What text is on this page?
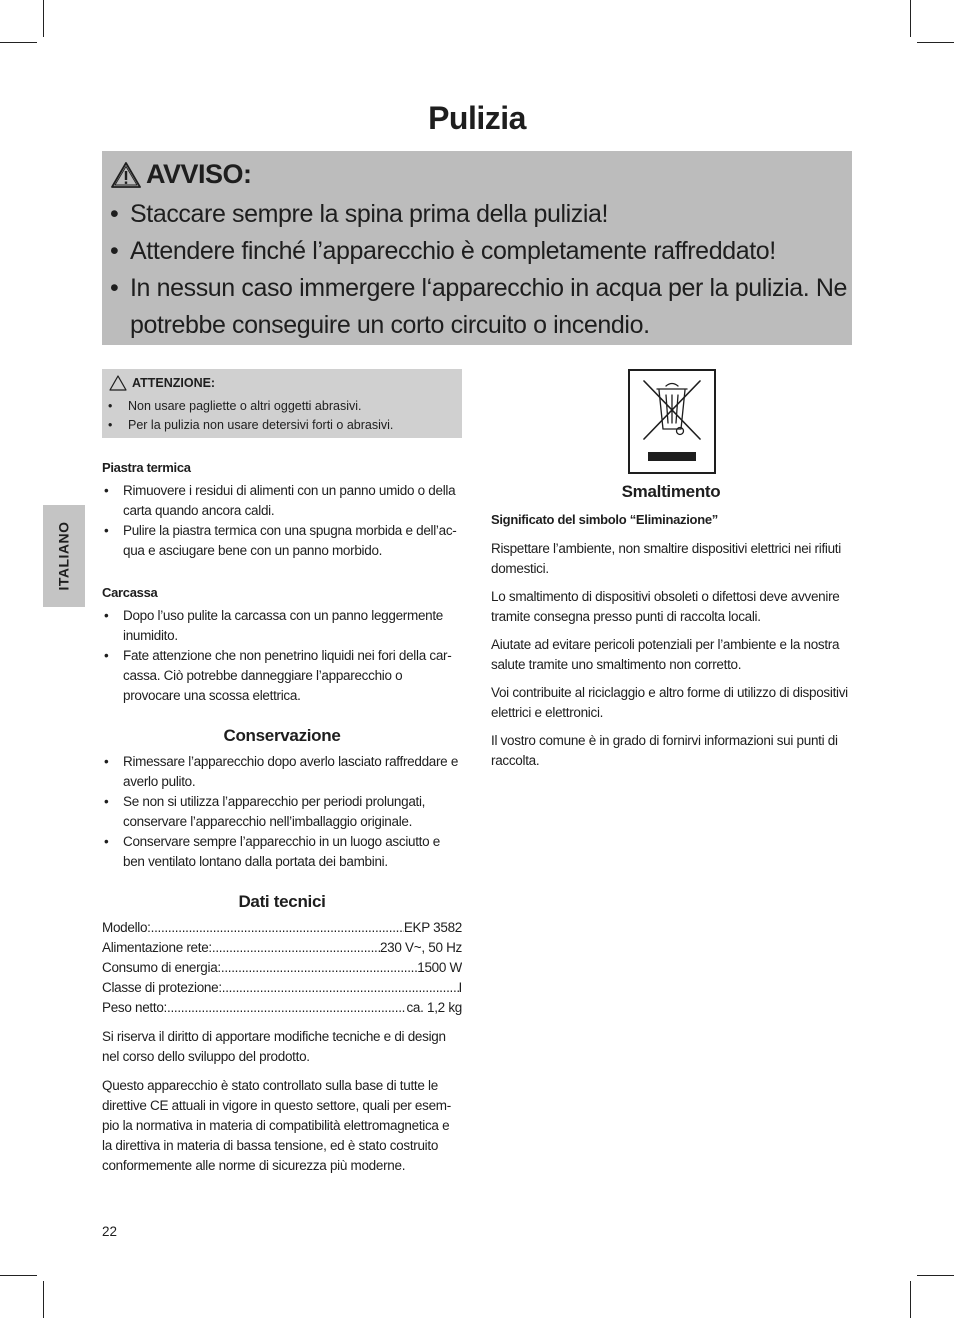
Pulizia
AVVISO:
• Staccare sempre la spina prima della pulizia!
• Attendere finché l’apparecchio è completamente raffreddato!
• In nessun caso immergere l‘apparecchio in acqua per la pulizia. Ne potrebbe conseguire un corto circuito o incendio.
ATTENZIONE:
• Non usare pagliette o altri oggetti abrasivi.
• Per la pulizia non usare detersivi forti o abrasivi.
ITALIANO

Piastra termica

• Rimuovere i residui di alimenti con un panno umido o della carta quando ancora caldi.
• Pulire la piastra termica con una spugna morbida e dell’ac-qua e asciugare bene con un panno morbido.

Carcassa

• Dopo l’uso pulite la carcassa con un panno leggermente inumidito.
• Fate attenzione che non penetrino liquidi nei fori della car-cassa. Ciò potrebbe danneggiare l’apparecchio o provocare una scossa elettrica.

Conservazione

• Rimessare l’apparecchio dopo averlo lasciato raffreddare e averlo pulito.
• Se non si utilizza l’apparecchio per periodi prolungati, conservare l’apparecchio nell’imballaggio originale.
• Conservare sempre l’apparecchio in un luogo asciutto e ben ventilato lontano dalla portata dei bambini.

Dati tecnici

Modello: .....	EKP 3582
Alimentazione rete: .....	230 V~, 50 Hz
Consumo di energia: .....	1500 W
Classe di protezione: .....	I
Peso netto: .....	ca. 1,2 kg

Si riserva il diritto di apportare modifiche tecniche e di design nel corso dello sviluppo del prodotto.

Questo apparecchio è stato controllato sulla base di tutte le direttive CE attuali in vigore in questo settore, quali per esem-pio la normativa in materia di compatibilità elettromagnetica e la direttiva in materia di bassa tensione, ed è stato costruito conformemente alle norme di sicurezza più moderne.

Smaltimento

Significato del simbolo “Eliminazione”

Rispettare l’ambiente, non smaltire dispositivi elettrici nei rifiuti domestici.

Lo smaltimento di dispositivi obsoleti o difettosi deve avvenire tramite consegna presso punti di raccolta locali.

Aiutate ad evitare pericoli potenziali per l’ambiente e la nostra salute tramite uno smaltimento non corretto.

Voi contribuite al riciclaggio e altro forme di utilizzo di dispositivi elettrici e elettronici.

Il vostro comune è in grado di fornirvi informazioni sui punti di raccolta.

22
